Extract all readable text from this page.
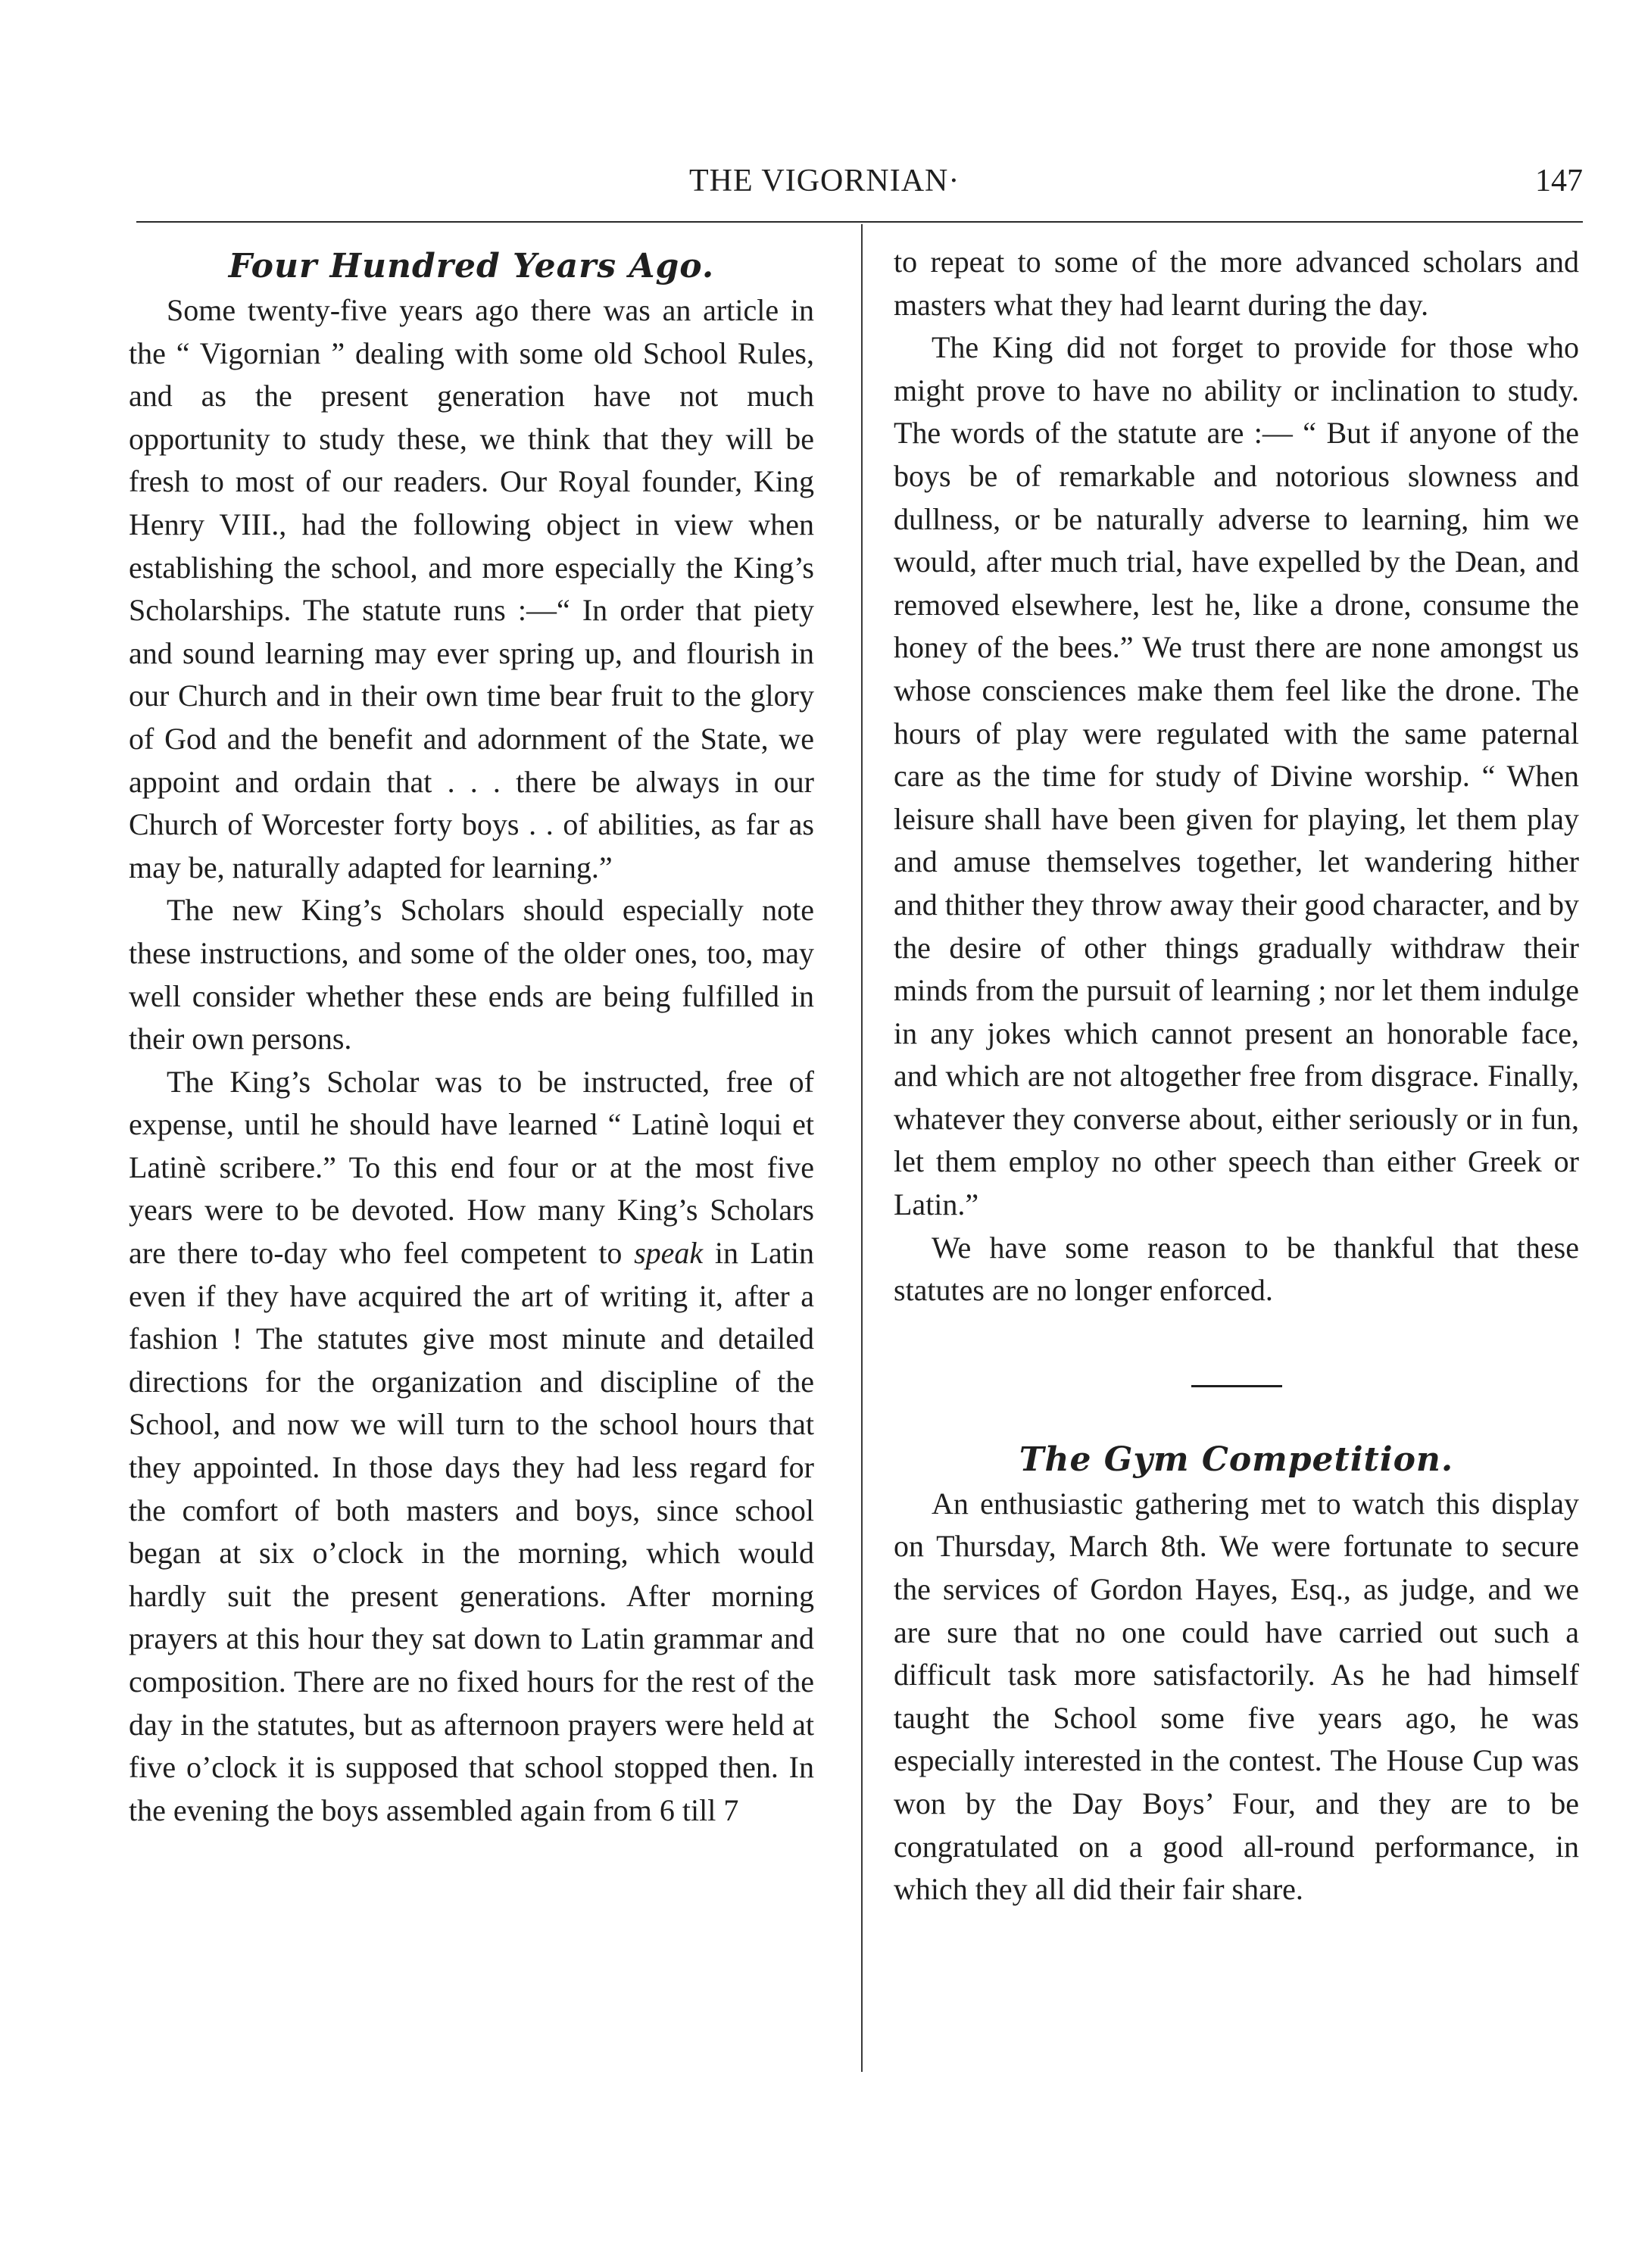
THE VIGORNIAN·	147
Four Hundred Years Ago.

Some twenty-five years ago there was an article in the “ Vigornian ” dealing with some old School Rules, and as the present generation have not much opportunity to study these, we think that they will be fresh to most of our readers. Our Royal founder, King Henry VIII., had the following object in view when establishing the school, and more especially the King’s Scholarships. The statute runs :—“ In order that piety and sound learning may ever spring up, and flourish in our Church and in their own time bear fruit to the glory of God and the benefit and adornment of the State, we appoint and ordain that . . . there be always in our Church of Worcester forty boys . . of abilities, as far as may be, naturally adapted for learning.”

The new King’s Scholars should especially note these instructions, and some of the older ones, too, may well consider whether these ends are being fulfilled in their own persons.

The King’s Scholar was to be instructed, free of expense, until he should have learned “ Latinè loqui et Latinè scribere.” To this end four or at the most five years were to be devoted. How many King’s Scholars are there to-day who feel competent to speak in Latin even if they have acquired the art of writing it, after a fashion ! The statutes give most minute and detailed directions for the organization and discipline of the School, and now we will turn to the school hours that they appointed. In those days they had less regard for the comfort of both masters and boys, since school began at six o’clock in the morning, which would hardly suit the present generations. After morning prayers at this hour they sat down to Latin grammar and composition. There are no fixed hours for the rest of the day in the statutes, but as afternoon prayers were held at five o’clock it is supposed that school stopped then. In the evening the boys assembled again from 6 till 7

to repeat to some of the more advanced scholars and masters what they had learnt during the day.

The King did not forget to provide for those who might prove to have no ability or inclination to study. The words of the statute are :— “ But if anyone of the boys be of remarkable and notorious slowness and dullness, or be naturally adverse to learning, him we would, after much trial, have expelled by the Dean, and removed elsewhere, lest he, like a drone, consume the honey of the bees.” We trust there are none amongst us whose consciences make them feel like the drone. The hours of play were regulated with the same paternal care as the time for study of Divine worship. “ When leisure shall have been given for playing, let them play and amuse themselves together, let wandering hither and thither they throw away their good character, and by the desire of other things gradually withdraw their minds from the pursuit of learning ; nor let them indulge in any jokes which cannot present an honorable face, and which are not altogether free from disgrace. Finally, whatever they converse about, either seriously or in fun, let them employ no other speech than either Greek or Latin.”

We have some reason to be thankful that these statutes are no longer enforced.

The Gym Competition.

An enthusiastic gathering met to watch this display on Thursday, March 8th. We were fortunate to secure the services of Gordon Hayes, Esq., as judge, and we are sure that no one could have carried out such a difficult task more satisfactorily. As he had himself taught the School some five years ago, he was especially interested in the contest. The House Cup was won by the Day Boys’ Four, and they are to be congratulated on a good all-round performance, in which they all did their fair share.
